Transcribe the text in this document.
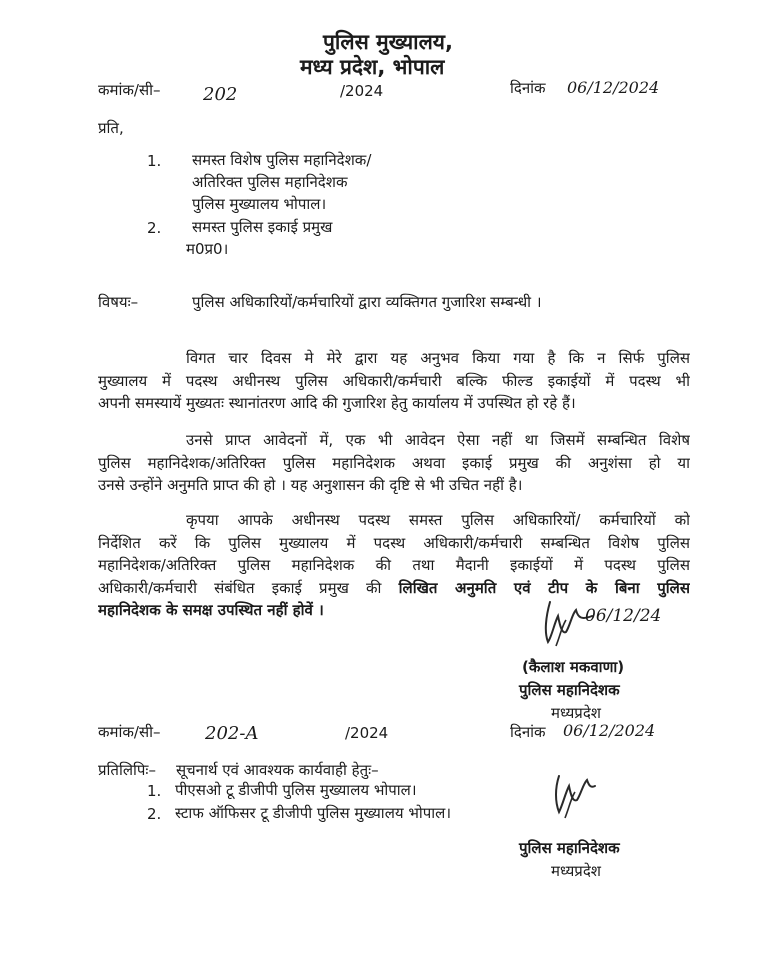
पुलिस मुख्यालय,
मध्य प्रदेश, भोपाल
कमांक/सी– 202	/2024	दिनांक 06/12/2024
प्रति,
1. समस्त विशेष पुलिस महानिदेशक/
अतिरिक्त पुलिस महानिदेशक
पुलिस मुख्यालय भोपाल।
2. समस्त पुलिस इकाई प्रमुख
म0प्र0।
विषयः–	पुलिस अधिकारियों/कर्मचारियों द्वारा व्यक्तिगत गुजारिश सम्बन्धी ।
विगत चार दिवस मे मेरे द्वारा यह अनुभव किया गया है कि न सिर्फ पुलिस
मुख्यालय में पदस्थ अधीनस्थ पुलिस अधिकारी/कर्मचारी बल्कि फील्ड इकाईयों में पदस्थ भी
अपनी समस्यायें मुख्यतः स्थानांतरण आदि की गुजारिश हेतु कार्यालय में उपस्थित हो रहे हैं।
उनसे प्राप्त आवेदनों में, एक भी आवेदन ऐसा नहीं था जिसमें सम्बन्धित विशेष
पुलिस महानिदेशक/अतिरिक्त पुलिस महानिदेशक अथवा इकाई प्रमुख की अनुशंसा हो या
उनसे उन्होंने अनुमति प्राप्त की हो । यह अनुशासन की दृष्टि से भी उचित नहीं है।
कृपया आपके अधीनस्थ पदस्थ समस्त पुलिस अधिकारियों/ कर्मचारियों को
निर्देशित करें कि पुलिस मुख्यालय में पदस्थ अधिकारी/कर्मचारी सम्बन्धित विशेष पुलिस
महानिदेशक/अतिरिक्त पुलिस महानिदेशक की तथा मैदानी इकाईयों में पदस्थ पुलिस
अधिकारी/कर्मचारी संबंधित इकाई प्रमुख की लिखित अनुमति एवं टीप के बिना पुलिस
महानिदेशक के समक्ष उपस्थित नहीं होवें ।	06/12/24
(कैलाश मकवाणा)
पुलिस महानिदेशक
मध्यप्रदेश
कमांक/सी– 202-A	/2024	दिनांक 06/12/2024
प्रतिलिपिः– सूचनार्थ एवं आवश्यक कार्यवाही हेतुः–
1. पीएसओ टू डीजीपी पुलिस मुख्यालय भोपाल।
2. स्टाफ ऑफिसर टू डीजीपी पुलिस मुख्यालय भोपाल।
पुलिस महानिदेशक
मध्यप्रदेश
